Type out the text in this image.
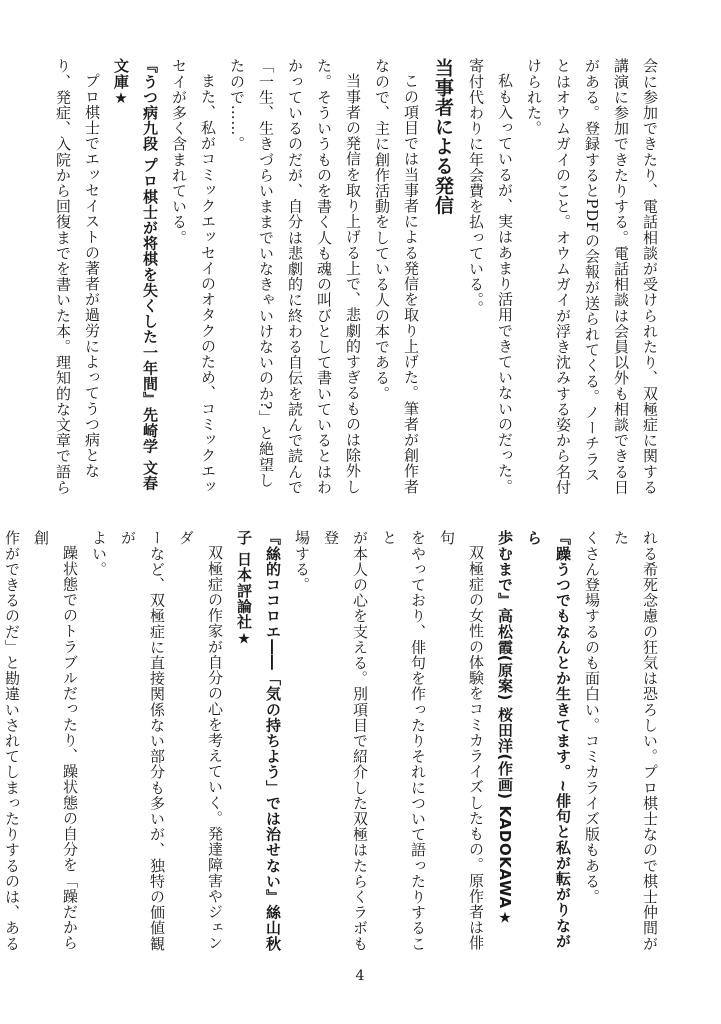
会に参加できたり、電話相談が受けられたり、双極症に関する

講演に参加できたりする。電話相談は会員以外も相談できる日

がある。登録するとPDFの会報が送られてくる。ノーチラス

とはオウムガイのこと。オウムガイが浮き沈みする姿から名付

けられた。

私も入っているが、実はあまり活用できていないのだった。

寄付代わりに年会費を払っている。。

当事者による発信

この項目では当事者による発信を取り上げた。筆者が創作者

なので、主に創作活動をしている人の本である。

当事者の発信を取り上げる上で、悲劇的すぎるものは除外し

た。そういうものを書く人も魂の叫びとして書いているとはわ

かっているのだが、自分は悲劇的に終わる自伝を読んで読んで

「一生、生きづらいままでいなきゃいけないのか?」と絶望し

たので……。

また、私がコミックエッセイのオタクのため、コミックエッ

セイが多く含まれている。

『うつ病九段 プロ棋士が将棋を失くした一年間』先崎学 文春

文庫★

プロ棋士でエッセイストの著者が過労によってうつ病とな

り、発症、入院から回復までを書いた本。理知的な文章で語ら

れる希死念慮の狂気は恐ろしい。プロ棋士なので棋士仲間がた

くさん登場するのも面白い。コミカライズ版もある。

『躁うつでもなんとか生きてます。~俳句と私が転がりながら

歩むまで』高松霞(原案) 桜田洋(作画) KADOKAWA★

双極症の女性の体験をコミカライズしたもの。原作者は俳句

をやっており、俳句を作ったりそれについて語ったりすること

が本人の心を支える。別項目で紹介した双極はたらくラボも登

場する。

『絲的ココロエ――「気の持ちよう」では治せない』絲山秋

子 日本評論社★

双極症の作家が自分の心を考えていく。発達障害やジェンダ

ーなど、双極症に直接関係ない部分も多いが、独特の価値観が

よい。

躁状態でのトラブルだったり、躁状態の自分を「躁だから創

作ができるのだ」と勘違いされてしまったりするのは、ある

4
